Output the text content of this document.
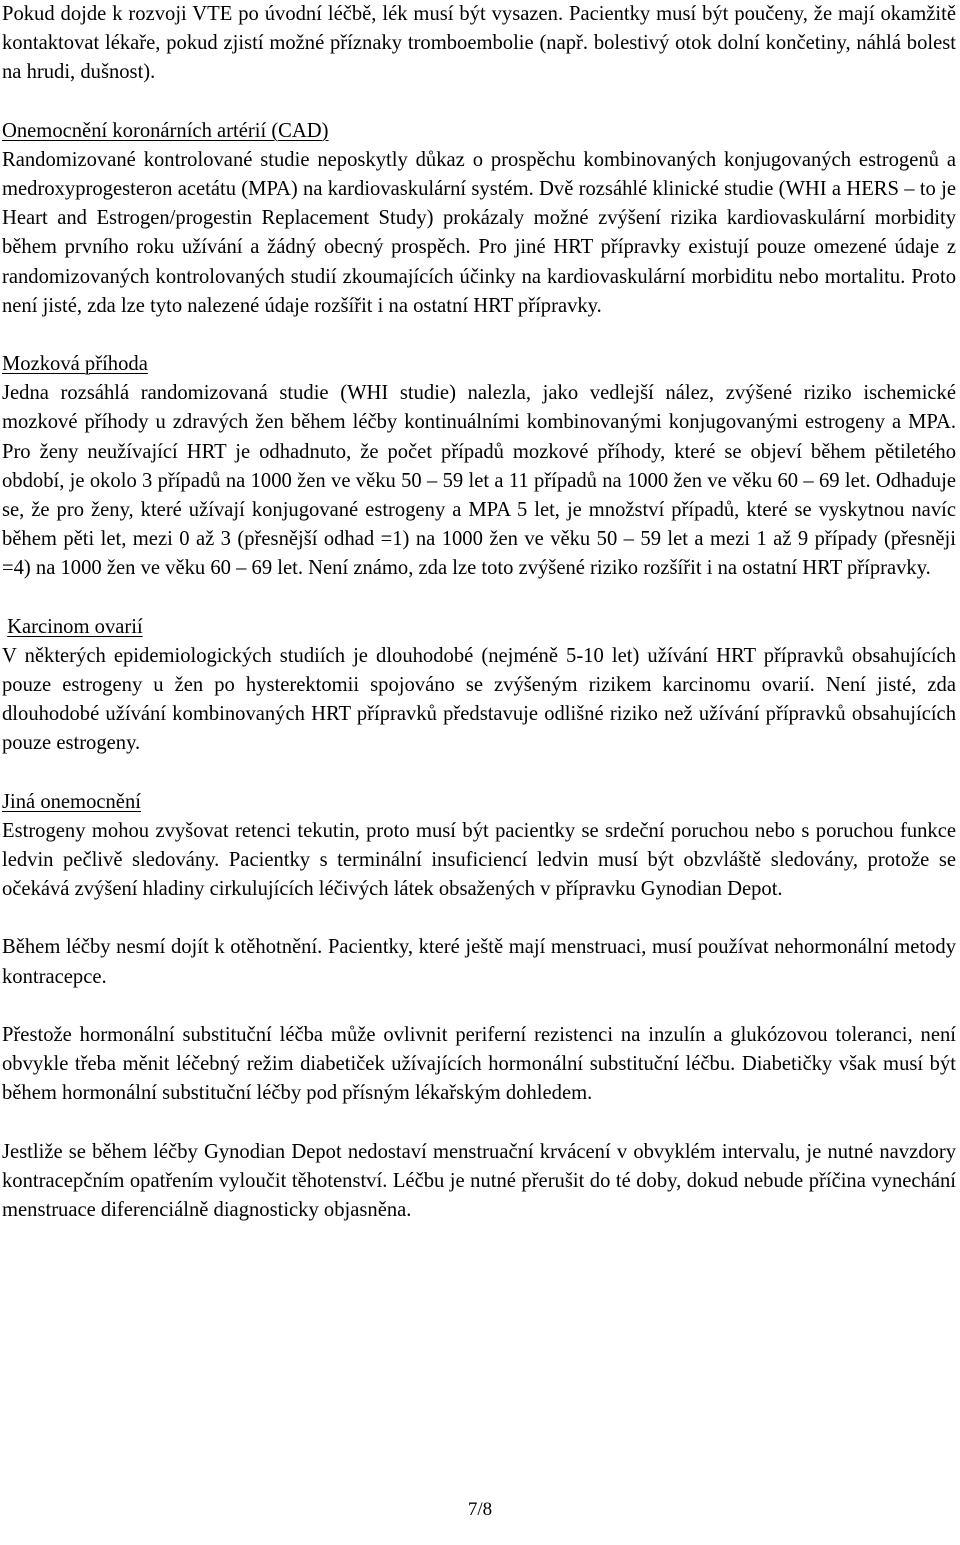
Pokud dojde k rozvoji VTE po úvodní léčbě, lék musí být vysazen. Pacientky musí být poučeny, že mají okamžitě kontaktovat lékaře, pokud zjistí možné příznaky tromboembolie (např. bolestivý otok dolní končetiny, náhlá bolest na hrudi, dušnost).

Onemocnění koronárních artérií (CAD)

Randomizované kontrolované studie neposkytly důkaz o prospěchu kombinovaných konjugovaných estrogenů a medroxyprogesteron acetátu (MPA) na kardiovaskulární systém. Dvě rozsáhlé klinické studie (WHI a HERS – to je Heart and Estrogen/progestin Replacement Study) prokázaly možné zvýšení rizika kardiovaskulární morbidity během prvního roku užívání a žádný obecný prospěch. Pro jiné HRT přípravky existují pouze omezené údaje z randomizovaných kontrolovaných studií zkoumajících účinky na kardiovaskulární morbiditu nebo mortalitu. Proto není jisté, zda lze tyto nalezené údaje rozšířit i na ostatní HRT přípravky.

Mozková příhoda

Jedna rozsáhlá randomizovaná studie (WHI studie) nalezla, jako vedlejší nález, zvýšené riziko ischemické mozkové příhody u zdravých žen během léčby kontinuálními kombinovanými konjugovanými estrogeny a MPA. Pro ženy neužívající HRT je odhadnuto, že počet případů mozkové příhody, které se objeví během pětiletého období, je okolo 3 případů na 1000 žen ve věku 50 – 59 let a 11 případů na 1000 žen ve věku 60 – 69 let. Odhaduje se, že pro ženy, které užívají konjugované estrogeny a MPA 5 let, je množství případů, které se vyskytnou navíc během pěti let, mezi 0 až 3 (přesnější odhad =1) na 1000 žen ve věku 50 – 59 let a mezi 1 až 9 případy (přesněji =4) na 1000 žen ve věku 60 – 69 let. Není známo, zda lze toto zvýšené riziko rozšířit i na ostatní HRT přípravky.

Karcinom ovarií

V některých epidemiologických studiích je dlouhodobé (nejméně 5-10 let) užívání HRT přípravků obsahujících pouze estrogeny u žen po hysterektomii spojováno se zvýšeným rizikem karcinomu ovarií. Není jisté, zda dlouhodobé užívání kombinovaných HRT přípravků představuje odlišné riziko než užívání přípravků obsahujících pouze estrogeny.

Jiná onemocnění

Estrogeny mohou zvyšovat retenci tekutin, proto musí být pacientky se srdeční poruchou nebo s poruchou funkce ledvin pečlivě sledovány. Pacientky s terminální insuficiencí ledvin musí být obzvláště sledovány, protože se očekává zvýšení hladiny cirkulujících léčivých látek obsažených v přípravku Gynodian Depot.

Během léčby nesmí dojít k otěhotnění. Pacientky, které ještě mají menstruaci, musí používat nehormonální metody kontracepce.

Přestože hormonální substituční léčba může ovlivnit periferní rezistenci na inzulín a glukózovou toleranci, není obvykle třeba měnit léčebný režim diabetiček užívajících hormonální substituční léčbu. Diabetičky však musí být během hormonální substituční léčby pod přísným lékařským dohledem.

Jestliže se během léčby Gynodian Depot nedostaví menstruační krvácení v obvyklém intervalu, je nutné navzdory kontracepčním opatřením vyloučit těhotenství. Léčbu je nutné přerušit do té doby, dokud nebude příčina vynechání menstruace diferenciálně diagnosticky objasněna.

7/8
